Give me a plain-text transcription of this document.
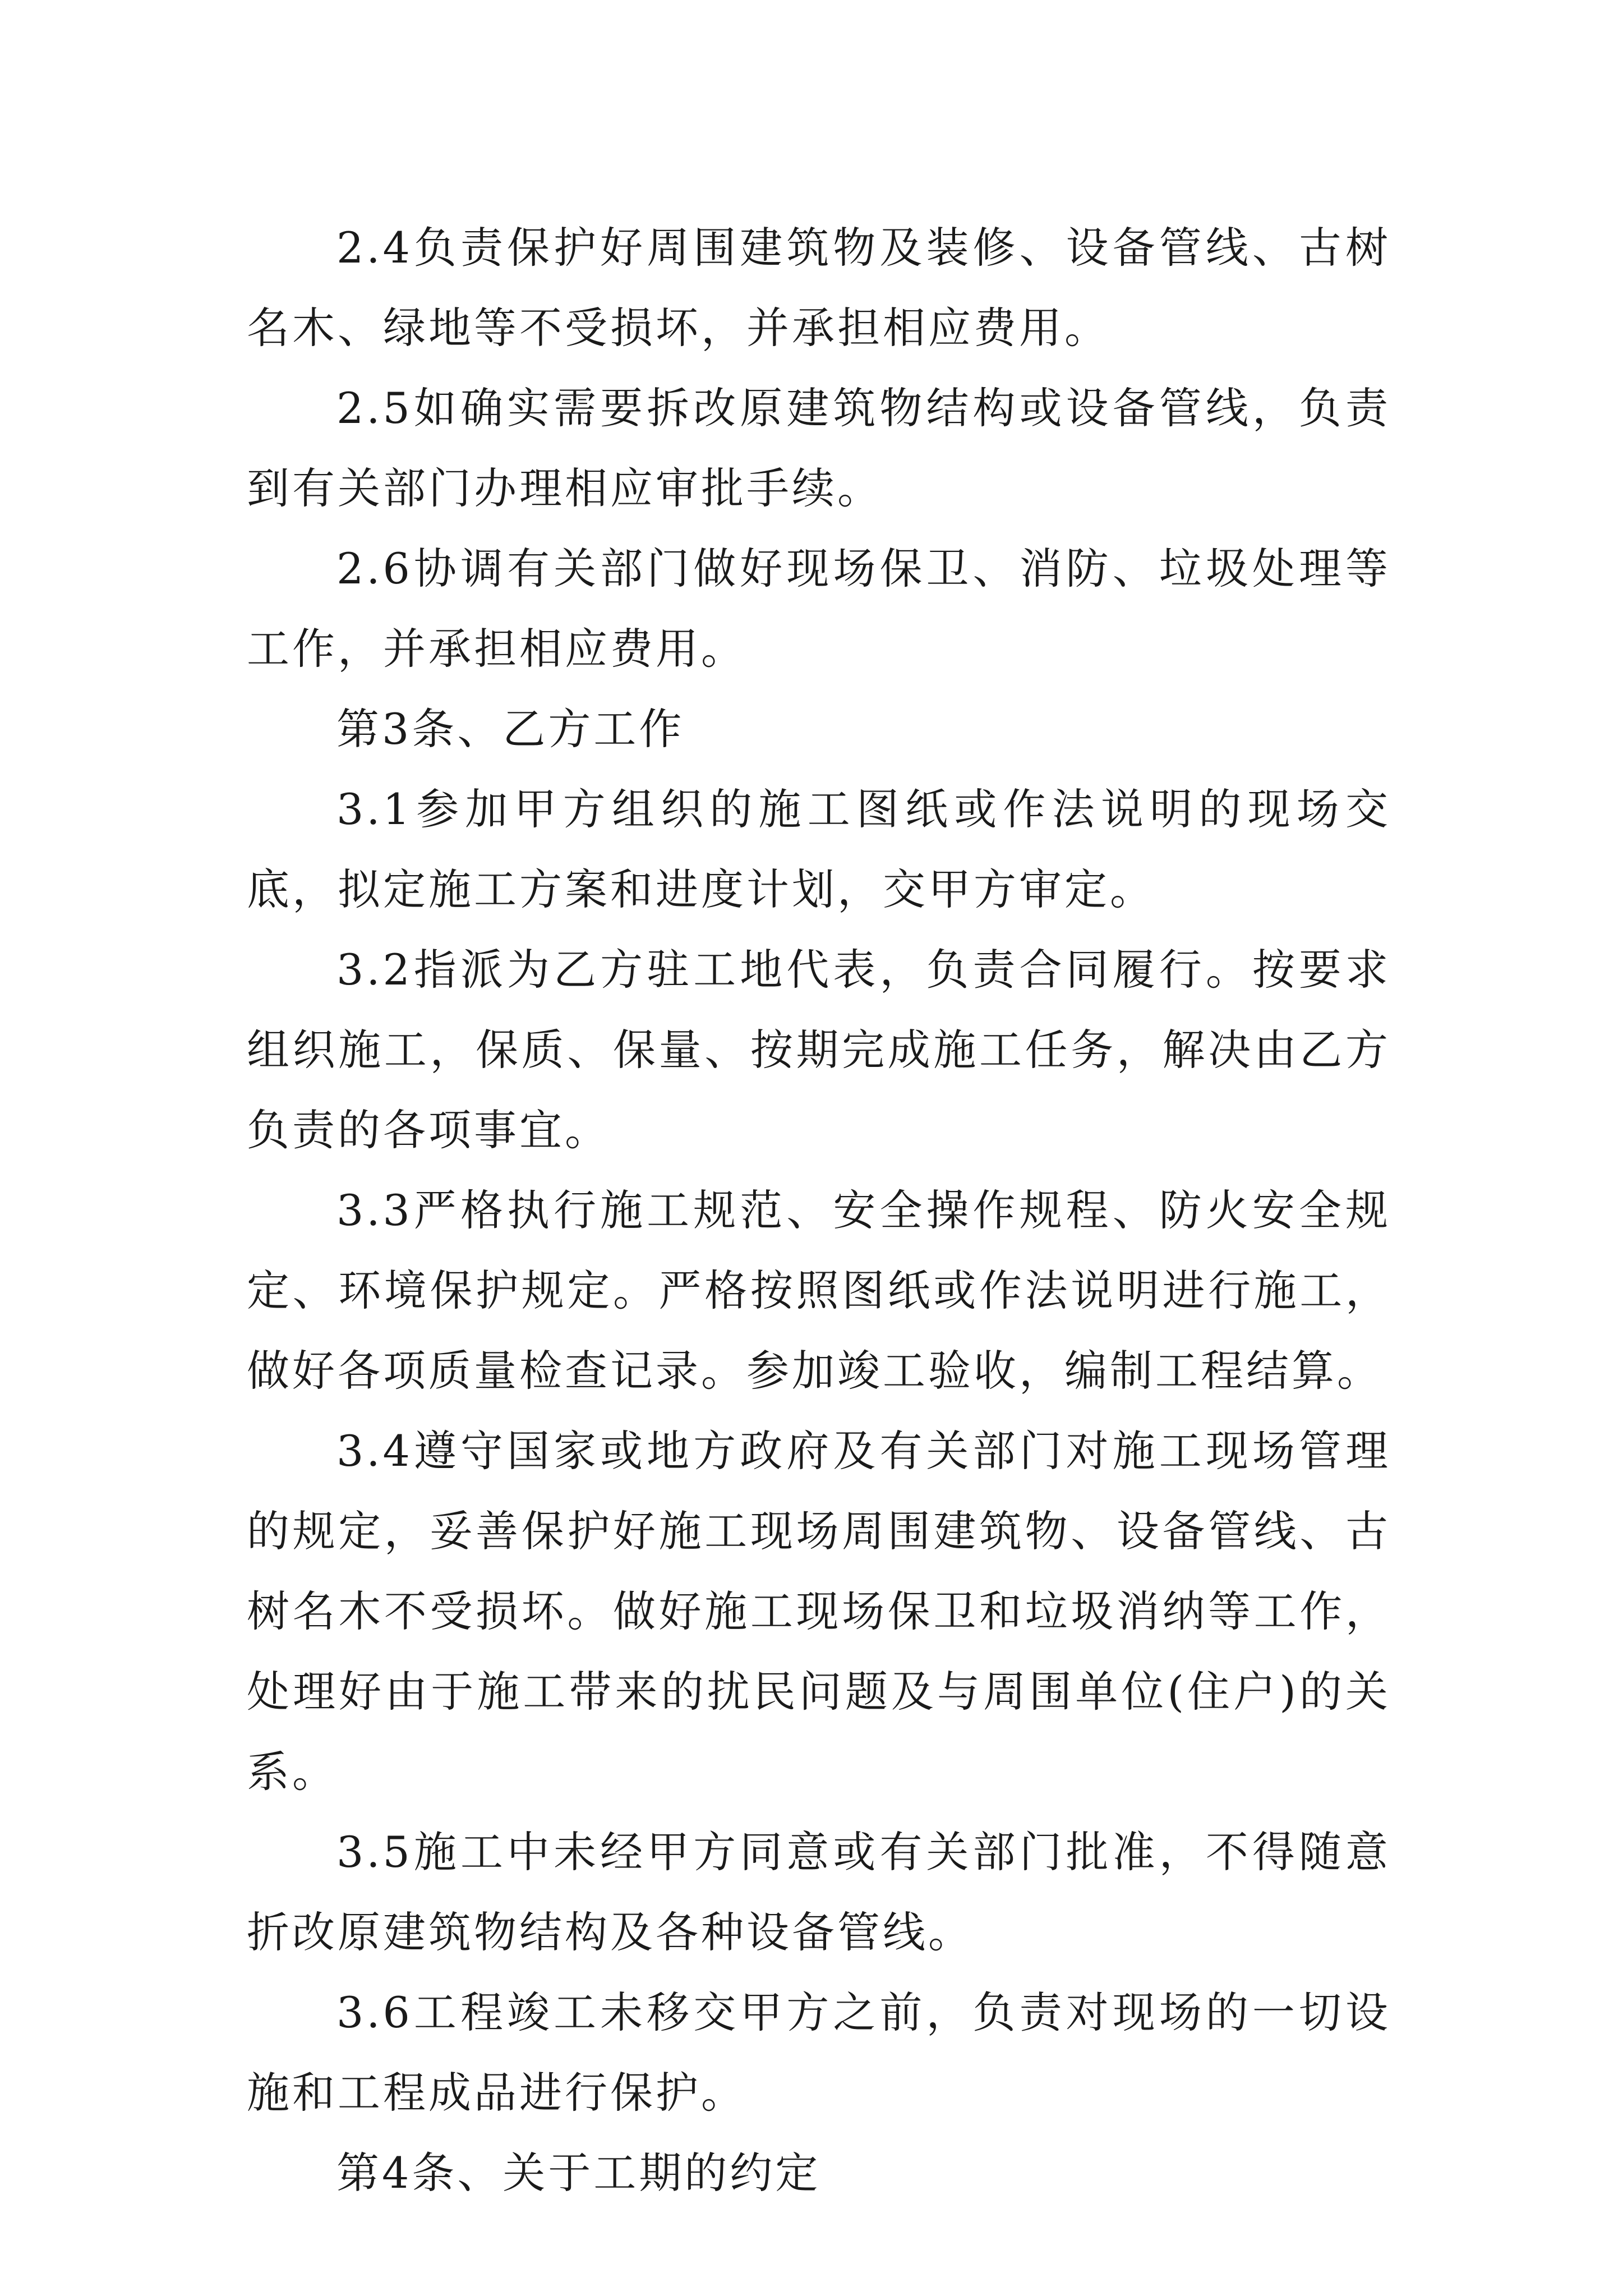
2.4负责保护好周围建筑物及装修、设备管线、古树名木、绿地等不受损坏，并承担相应费用。

2.5如确实需要拆改原建筑物结构或设备管线，负责到有关部门办理相应审批手续。

2.6协调有关部门做好现场保卫、消防、垃圾处理等工作，并承担相应费用。

第3条、乙方工作

3.1参加甲方组织的施工图纸或作法说明的现场交底，拟定施工方案和进度计划，交甲方审定。

3.2指派为乙方驻工地代表，负责合同履行。按要求组织施工，保质、保量、按期完成施工任务，解决由乙方负责的各项事宜。

3.3严格执行施工规范、安全操作规程、防火安全规定、环境保护规定。严格按照图纸或作法说明进行施工，做好各项质量检查记录。参加竣工验收，编制工程结算。

3.4遵守国家或地方政府及有关部门对施工现场管理的规定，妥善保护好施工现场周围建筑物、设备管线、古树名木不受损坏。做好施工现场保卫和垃圾消纳等工作，处理好由于施工带来的扰民问题及与周围单位(住户)的关系。

3.5施工中未经甲方同意或有关部门批准，不得随意折改原建筑物结构及各种设备管线。

3.6工程竣工未移交甲方之前，负责对现场的一切设施和工程成品进行保护。

第4条、关于工期的约定
